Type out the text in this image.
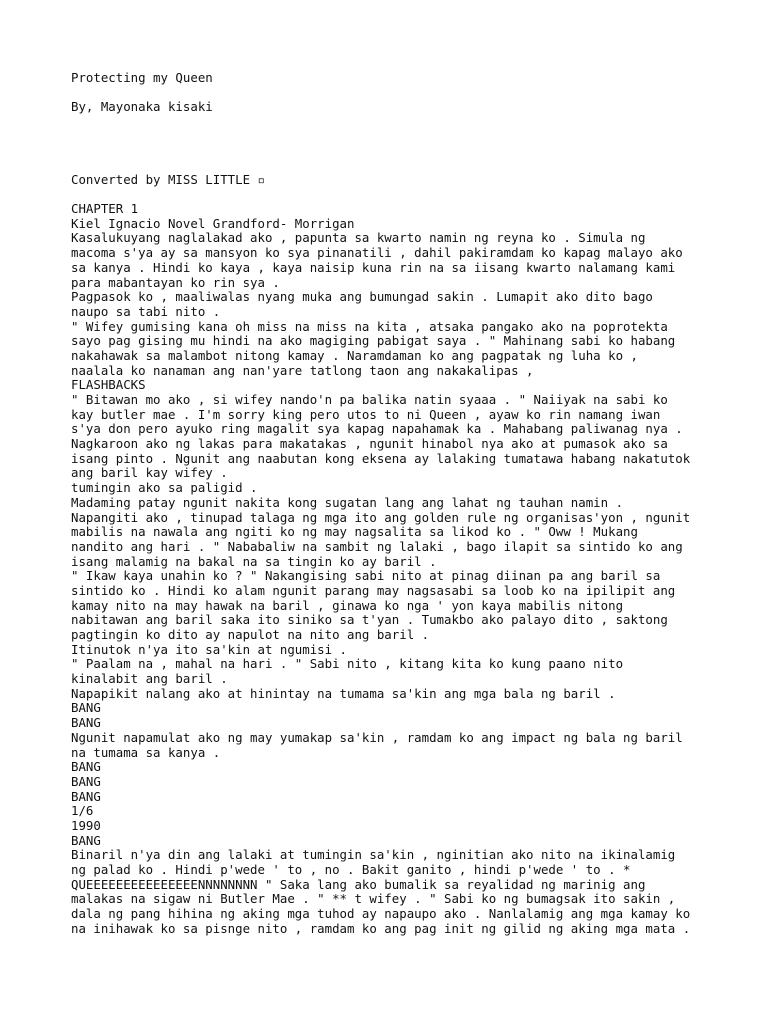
Protecting my Queen
By, Mayonaka kisaki
Converted by MISS LITTLE ▫
CHAPTER 1
Kiel Ignacio Novel Grandford- Morrigan
Kasalukuyang naglalakad ako , papunta sa kwarto namin ng reyna ko . Simula ng
macoma s'ya ay sa mansyon ko sya pinanatili , dahil pakiramdam ko kapag malayo ako
sa kanya . Hindi ko kaya , kaya naisip kuna rin na sa iisang kwarto nalamang kami
para mabantayan ko rin sya .
Pagpasok ko , maaliwalas nyang muka ang bumungad sakin . Lumapit ako dito bago
naupo sa tabi nito .
" Wifey gumising kana oh miss na miss na kita , atsaka pangako ako na poprotekta
sayo pag gising mu hindi na ako magiging pabigat saya . " Mahinang sabi ko habang
nakahawak sa malambot nitong kamay . Naramdaman ko ang pagpatak ng luha ko ,
naalala ko nanaman ang nan'yare tatlong taon ang nakakalipas ,
FLASHBACKS
" Bitawan mo ako , si wifey nando'n pa balika natin syaaa . " Naiiyak na sabi ko
kay butler mae . I'm sorry king pero utos to ni Queen , ayaw ko rin namang iwan
s'ya don pero ayuko ring magalit sya kapag napahamak ka . Mahabang paliwanag nya .
Nagkaroon ako ng lakas para makatakas , ngunit hinabol nya ako at pumasok ako sa
isang pinto . Ngunit ang naabutan kong eksena ay lalaking tumatawa habang nakatutok
ang baril kay wifey .
tumingin ako sa paligid .
Madaming patay ngunit nakita kong sugatan lang ang lahat ng tauhan namin .
Napangiti ako , tinupad talaga ng mga ito ang golden rule ng organisas'yon , ngunit
mabilis na nawala ang ngiti ko ng may nagsalita sa likod ko . " Oww ! Mukang
nandito ang hari . " Nababaliw na sambit ng lalaki , bago ilapit sa sintido ko ang
isang malamig na bakal na sa tingin ko ay baril .
" Ikaw kaya unahin ko ? " Nakangising sabi nito at pinag diinan pa ang baril sa
sintido ko . Hindi ko alam ngunit parang may nagsasabi sa loob ko na ipilipit ang
kamay nito na may hawak na baril , ginawa ko nga ' yon kaya mabilis nitong
nabitawan ang baril saka ito siniko sa t'yan . Tumakbo ako palayo dito , saktong
pagtingin ko dito ay napulot na nito ang baril .
Itinutok n'ya ito sa'kin at ngumisi .
" Paalam na , mahal na hari . " Sabi nito , kitang kita ko kung paano nito
kinalabit ang baril .
Napapikit nalang ako at hinintay na tumama sa'kin ang mga bala ng baril .
BANG
BANG
Ngunit napamulat ako ng may yumakap sa'kin , ramdam ko ang impact ng bala ng baril
na tumama sa kanya .
BANG
BANG
BANG
1/6
1990
BANG
Binaril n'ya din ang lalaki at tumingin sa'kin , nginitian ako nito na ikinalamig
ng palad ko . Hindi p'wede ' to , no . Bakit ganito , hindi p'wede ' to . *
QUEEEEEEEEEEEEEEENNNNNNNN " Saka lang ako bumalik sa reyalidad ng marinig ang
malakas na sigaw ni Butler Mae . " ** t wifey . " Sabi ko ng bumagsak ito sakin ,
dala ng pang hihina ng aking mga tuhod ay napaupo ako . Nanlalamig ang mga kamay ko
na inihawak ko sa pisnge nito , ramdam ko ang pag init ng gilid ng aking mga mata .
